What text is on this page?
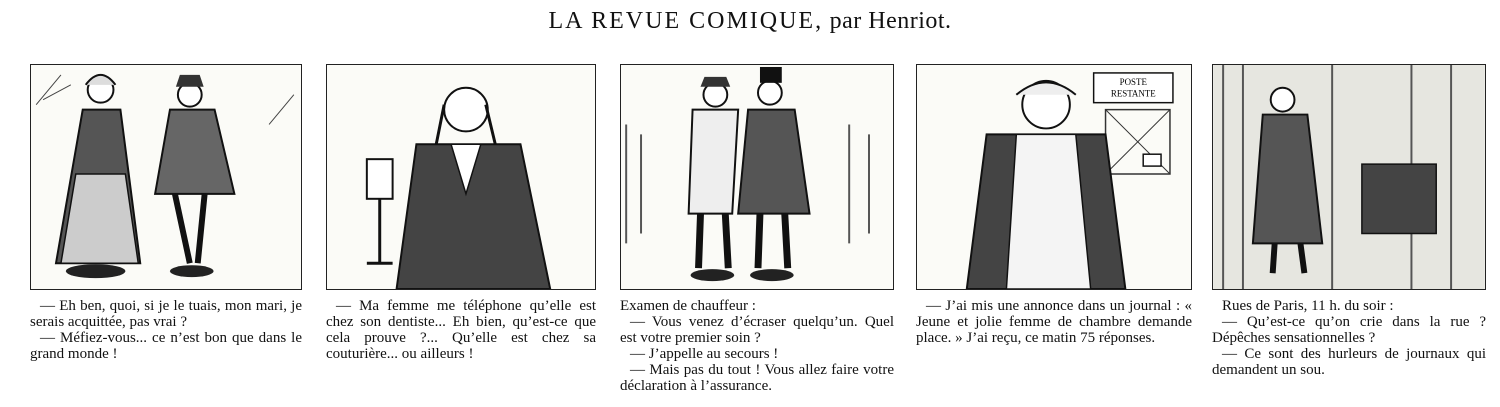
LA REVUE COMIQUE, par Henriot.

— Eh ben, quoi, si je le tuais, mon mari, je serais acquittée, pas vrai ?

— Méfiez-vous... ce n’est bon que dans le grand monde !

— Ma femme me téléphone qu’elle est chez son dentiste... Eh bien, qu’est-ce que cela prouve ?... Qu’elle est chez sa couturière... ou ailleurs !

Examen de chauffeur :

— Vous venez d’écraser quelqu’un. Quel est votre premier soin ?

— J’appelle au secours !

— Mais pas du tout ! Vous allez faire votre déclaration à l’assurance.

POSTE
RESTANTE

— J’ai mis une annonce dans un journal : « Jeune et jolie femme de chambre demande place. » J’ai reçu, ce matin 75 réponses.

Rues de Paris, 11 h. du soir :

— Qu’est-ce qu’on crie dans la rue ? Dépêches sensationnelles ?

— Ce sont des hurleurs de journaux qui demandent un sou.
